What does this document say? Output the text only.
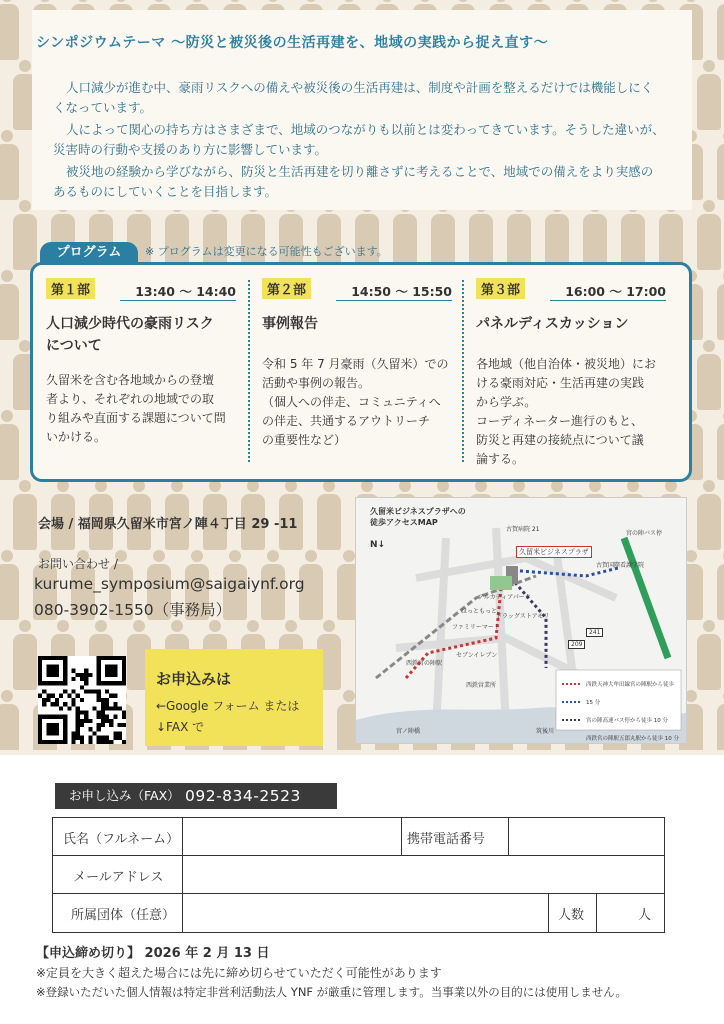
シンポジウムテーマ 〜防災と被災後の生活再建を、地域の実践から捉え直す〜
人口減少が進む中、豪雨リスクへの備えや被災後の生活再建は、制度や計画を整えるだけでは機能しにく
くなっています。
人によって関心の持ち方はさまざまで、地域のつながりも以前とは変わってきています。そうした違いが、
災害時の行動や支援のあり方に影響しています。
被災地の経験から学びながら、防災と生活再建を切り離さずに考えることで、地域での備えをより実感の
あるものにしていくことを目指します。
プログラム	※ プログラムは変更になる可能性もございます。
第１部	13:40 〜 14:40
人口減少時代の豪雨リスク
について
久留米を含む各地域からの登壇
者より、それぞれの地域での取
り組みや直面する課題について問
いかける。
第２部	14:50 〜 15:50
事例報告
令和 5 年 7 月豪雨（久留米）での
活動や事例の報告。
（個人への伴走、コミュニティへ
の伴走、共通するアウトリーチ
の重要性など）
第３部	16:00 〜 17:00
パネルディスカッション
各地域（他自治体・被災地）にお
ける豪雨対応・生活再建の実践
から学ぶ。
コーディネーター進行のもと、
防災と再建の接続点について議
論する。
会場 / 福岡県久留米市宮ノ陣４丁目 29 -11
お問い合わせ /
kurume_symposium@saigaiynf.org
080-3902-1550（事務局）
お申込みは
←Google フォーム または
↓FAX で
久留米ビジネスプラザへの
徒歩アクセスMAP
N↓
久留米ビジネスプラザ
アルカディアパーク
古賀病院 21
宮の陣バス停
古賀国際看護学院
ほっともっと
ドラッグストアモリ
ファミリーマート
セブンイレブン
西鉄宮の陣駅
西鉄営業所
宮ノ陣橋	筑後川
209
241
西鉄天神大牟田線宮の陣駅から徒歩 15 分
宮の陣高速バス停から徒歩 10 分
西鉄宮の陣駅五郎丸駅から徒歩 10 分
お申し込み（FAX） 092-834-2523
氏名（フルネーム）	携帯電話番号
メールアドレス
所属団体（任意）	人数	人
【申込締め切り】 2026 年 2 月 13 日
※定員を大きく超えた場合には先に締め切らせていただく可能性があります
※登録いただいた個人情報は特定非営利活動法人 YNF が厳重に管理します。当事業以外の目的には使用しません。
